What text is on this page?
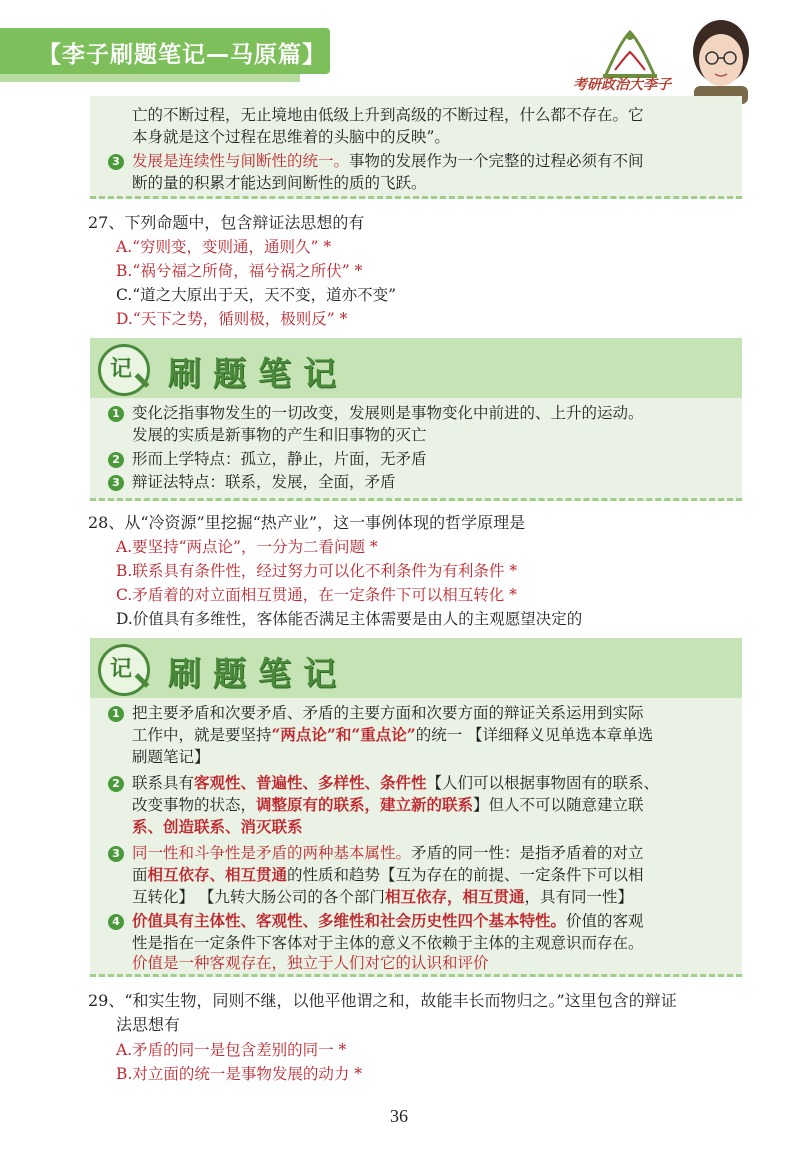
【李子刷题笔记—马原篇】
考研政治大李子
亡的不断过程，无止境地由低级上升到高级的不断过程，什么都不存在。它
本身就是这个过程在思维着的头脑中的反映”。
3 发展是连续性与间断性的统一。事物的发展作为一个完整的过程必须有不间
断的量的积累才能达到间断性的质的飞跃。
27、下列命题中，包含辩证法思想的有
A.“穷则变，变则通，通则久” *
B.“祸兮福之所倚，福兮祸之所伏” *
C.“道之大原出于天，天不变，道亦不变”
D.“天下之势，循则极，极则反” *
记 刷题笔记
1 变化泛指事物发生的一切改变，发展则是事物变化中前进的、上升的运动。
发展的实质是新事物的产生和旧事物的灭亡
2 形而上学特点：孤立，静止，片面，无矛盾
3 辩证法特点：联系，发展，全面，矛盾
28、从“冷资源”里挖掘“热产业”，这一事例体现的哲学原理是
A.要坚持“两点论”，一分为二看问题 *
B.联系具有条件性，经过努力可以化不利条件为有利条件 *
C.矛盾着的对立面相互贯通，在一定条件下可以相互转化 *
D.价值具有多维性，客体能否满足主体需要是由人的主观愿望决定的
记 刷题笔记
1 把主要矛盾和次要矛盾、矛盾的主要方面和次要方面的辩证关系运用到实际
工作中，就是要坚持“两点论”和“重点论”的统一 【详细释义见单选本章单选
刷题笔记】
2 联系具有客观性、普遍性、多样性、条件性【人们可以根据事物固有的联系、
改变事物的状态，调整原有的联系，建立新的联系】但人不可以随意建立联
系、创造联系、消灭联系
3 同一性和斗争性是矛盾的两种基本属性。矛盾的同一性：是指矛盾着的对立
面相互依存、相互贯通的性质和趋势【互为存在的前提、一定条件下可以相
互转化】 【九转大肠公司的各个部门相互依存，相互贯通，具有同一性】
4 价值具有主体性、客观性、多维性和社会历史性四个基本特性。价值的客观
性是指在一定条件下客体对于主体的意义不依赖于主体的主观意识而存在。
价值是一种客观存在，独立于人们对它的认识和评价
29、“和实生物，同则不继，以他平他谓之和，故能丰长而物归之。”这里包含的辩证
法思想有
A.矛盾的同一是包含差别的同一 *
B.对立面的统一是事物发展的动力 *
36
